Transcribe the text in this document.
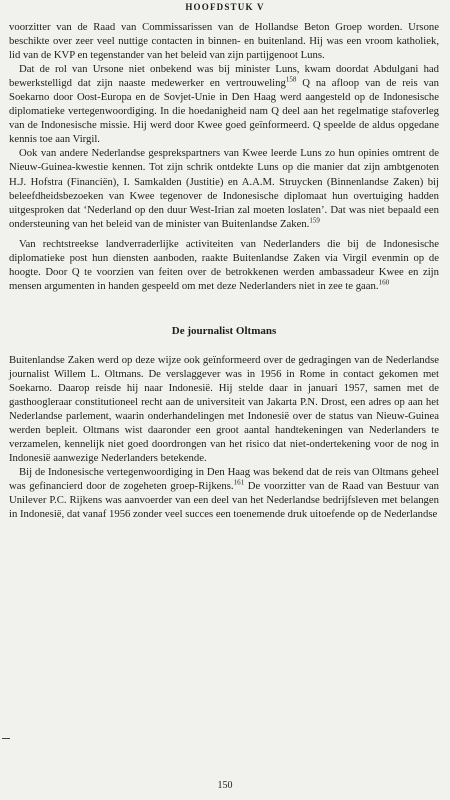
HOOFDSTUK V

voorzitter van de Raad van Commissarissen van de Hollandse Beton Groep worden. Ursone beschikte over zeer veel nuttige contacten in binnen- en buitenland. Hij was een vroom katholiek, lid van de KVP en tegenstander van het beleid van zijn partijgenoot Luns.

Dat de rol van Ursone niet onbekend was bij minister Luns, kwam doordat Abdulgani had bewerkstelligd dat zijn naaste medewerker en vertrouweling$^{158}$ Q na afloop van de reis van Soekarno door Oost-Europa en de Sovjet-Unie in Den Haag werd aangesteld op de Indonesische diplomatieke vertegenwoordiging. In die hoedanigheid nam Q deel aan het regelmatige stafoverleg van de Indonesische missie. Hij werd door Kwee goed geïnformeerd. Q speelde de aldus opgedane kennis toe aan Virgil.

Ook van andere Nederlandse gesprekspartners van Kwee leerde Luns zo hun opinies omtrent de Nieuw-Guinea-kwestie kennen. Tot zijn schrik ontdekte Luns op die manier dat zijn ambtgenoten H.J. Hofstra (Financiën), I. Samkalden (Justitie) en A.A.M. Struycken (Binnenlandse Zaken) bij beleefdheidsbezoeken van Kwee tegenover de Indonesische diplomaat hun overtuiging hadden uitgesproken dat ‘Nederland op den duur West-Irian zal moeten loslaten’. Dat was niet bepaald een ondersteuning van het beleid van de minister van Buitenlandse Zaken.$^{159}$

Van rechtstreekse landverraderlijke activiteiten van Nederlanders die bij de Indonesische diplomatieke post hun diensten aanboden, raakte Buitenlandse Zaken via Virgil evenmin op de hoogte. Door Q te voorzien van feiten over de betrokkenen werden ambassadeur Kwee en zijn mensen argumenten in handen gespeeld om met deze Nederlanders niet in zee te gaan.$^{160}$

De journalist Oltmans

Buitenlandse Zaken werd op deze wijze ook geïnformeerd over de gedragingen van de Nederlandse journalist Willem L. Oltmans. De verslaggever was in 1956 in Rome in contact gekomen met Soekarno. Daarop reisde hij naar Indonesië. Hij stelde daar in januari 1957, samen met de gasthoogleraar constitutioneel recht aan de universiteit van Jakarta P.N. Drost, een adres op aan het Nederlandse parlement, waarin onderhandelingen met Indonesië over de status van Nieuw-Guinea werden bepleit. Oltmans wist daaronder een groot aantal handtekeningen van Nederlanders te verzamelen, kennelijk niet goed doordrongen van het risico dat niet-ondertekening voor de nog in Indonesië aanwezige Nederlanders betekende.

Bij de Indonesische vertegenwoordiging in Den Haag was bekend dat de reis van Oltmans geheel was gefinancierd door de zogeheten groep-Rijkens.$^{161}$ De voorzitter van de Raad van Bestuur van Unilever P.C. Rijkens was aanvoerder van een deel van het Nederlandse bedrijfsleven met belangen in Indonesië, dat vanaf 1956 zonder veel succes een toenemende druk uitoefende op de Nederlandse

150
